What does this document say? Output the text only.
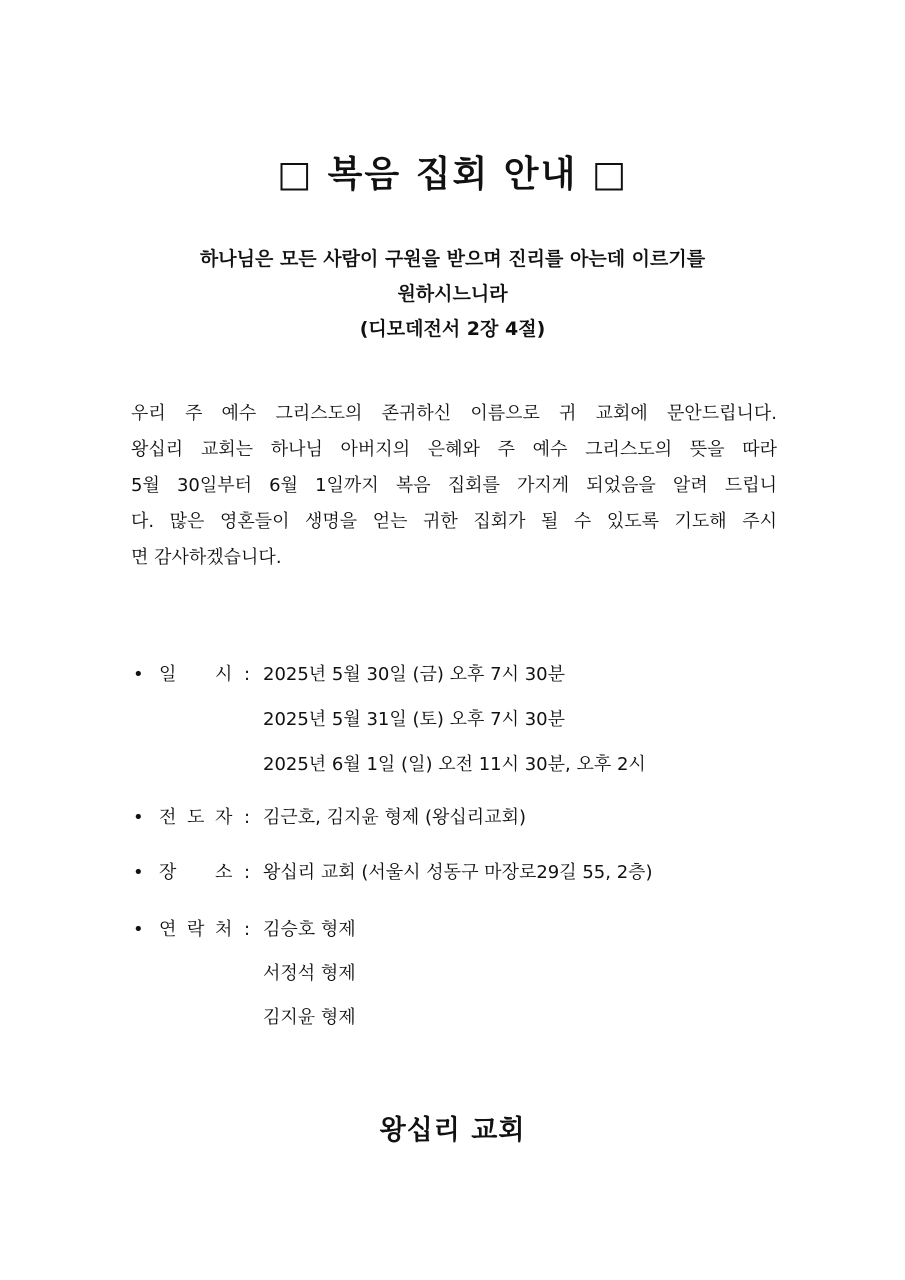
□ 복음 집회 안내 □
하나님은 모든 사람이 구원을 받으며 진리를 아는데 이르기를
원하시느니라
(디모데전서 2장 4절)
우리 주 예수 그리스도의 존귀하신 이름으로 귀 교회에 문안드립니다.
왕십리 교회는 하나님 아버지의 은혜와 주 예수 그리스도의 뜻을 따라
5월 30일부터 6월 1일까지 복음 집회를 가지게 되었음을 알려 드립니
다. 많은 영혼들이 생명을 얻는 귀한 집회가 될 수 있도록 기도해 주시
면 감사하겠습니다.
• 일 시 : 2025년 5월 30일 (금) 오후 7시 30분
2025년 5월 31일 (토) 오후 7시 30분
2025년 6월 1일 (일) 오전 11시 30분, 오후 2시
• 전 도 자 : 김근호, 김지윤 형제 (왕십리교회)
• 장 소 : 왕십리 교회 (서울시 성동구 마장로29길 55, 2층)
• 연 락 처 : 김승호 형제
서정석 형제
김지윤 형제
왕십리 교회
